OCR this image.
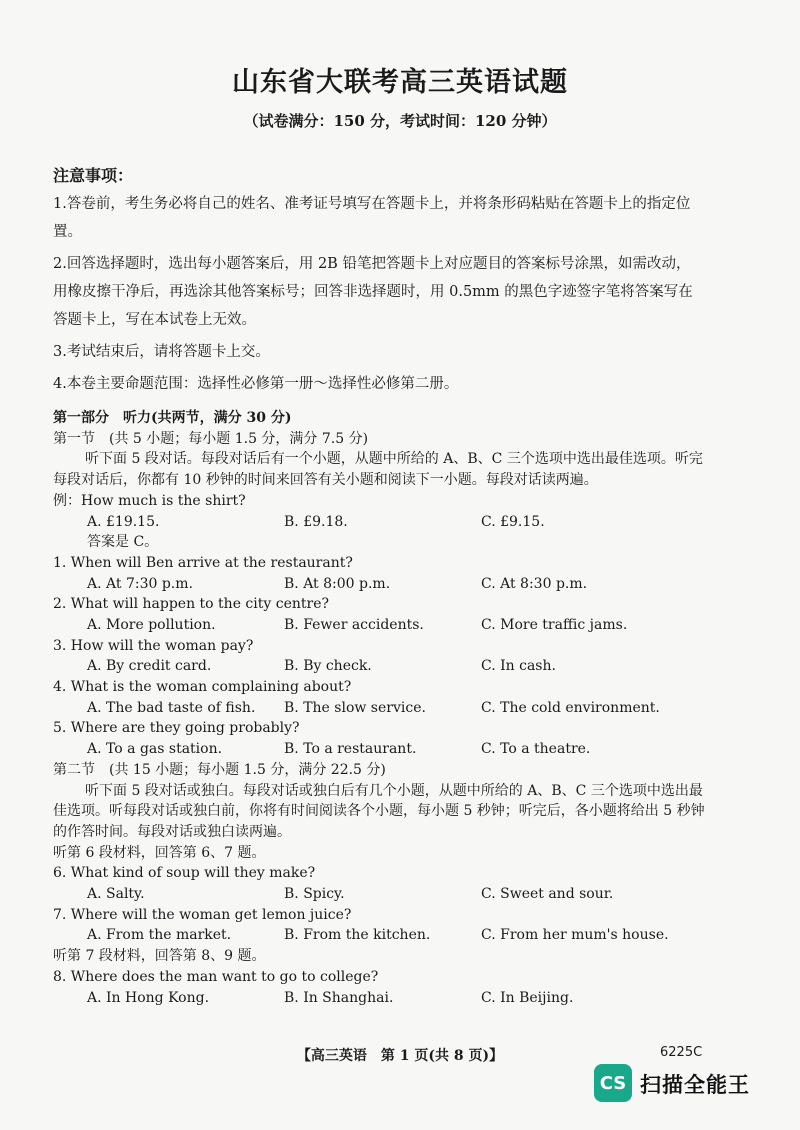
山东省大联考高三英语试题
（试卷满分：150 分，考试时间：120 分钟）
注意事项：
1.答卷前，考生务必将自己的姓名、准考证号填写在答题卡上，并将条形码粘贴在答题卡上的指定位置。
2.回答选择题时，选出每小题答案后，用 2B 铅笔把答题卡上对应题目的答案标号涂黑，如需改动，用橡皮擦干净后，再选涂其他答案标号；回答非选择题时，用 0.5mm 的黑色字迹签字笔将答案写在答题卡上，写在本试卷上无效。
3.考试结束后，请将答题卡上交。
4.本卷主要命题范围：选择性必修第一册～选择性必修第二册。
第一部分　听力(共两节，满分 30 分)
第一节　(共 5 小题；每小题 1.5 分，满分 7.5 分)
听下面 5 段对话。每段对话后有一个小题，从题中所给的 A、B、C 三个选项中选出最佳选项。听完每段对话后，你都有 10 秒钟的时间来回答有关小题和阅读下一小题。每段对话读两遍。
例：How much is the shirt?
A. £19.15.	B. £9.18.	C. £9.15.
答案是 C。
1. When will Ben arrive at the restaurant?
A. At 7:30 p.m.	B. At 8:00 p.m.	C. At 8:30 p.m.
2. What will happen to the city centre?
A. More pollution.	B. Fewer accidents.	C. More traffic jams.
3. How will the woman pay?
A. By credit card.	B. By check.	C. In cash.
4. What is the woman complaining about?
A. The bad taste of fish. B. The slow service.	C. The cold environment.
5. Where are they going probably?
A. To a gas station.	B. To a restaurant.	C. To a theatre.
第二节　(共 15 小题；每小题 1.5 分，满分 22.5 分)
听下面 5 段对话或独白。每段对话或独白后有几个小题，从题中所给的 A、B、C 三个选项中选出最佳选项。听每段对话或独白前，你将有时间阅读各个小题，每小题 5 秒钟；听完后，各小题将给出 5 秒钟的作答时间。每段对话或独白读两遍。
听第 6 段材料，回答第 6、7 题。
6. What kind of soup will they make?
A. Salty.	B. Spicy.	C. Sweet and sour.
7. Where will the woman get lemon juice?
A. From the market.	B. From the kitchen.	C. From her mum's house.
听第 7 段材料，回答第 8、9 题。
8. Where does the man want to go to college?
A. In Hong Kong.	B. In Shanghai.	C. In Beijing.
【高三英语　第 1 页(共 8 页)】	6225C
CS 扫描全能王
